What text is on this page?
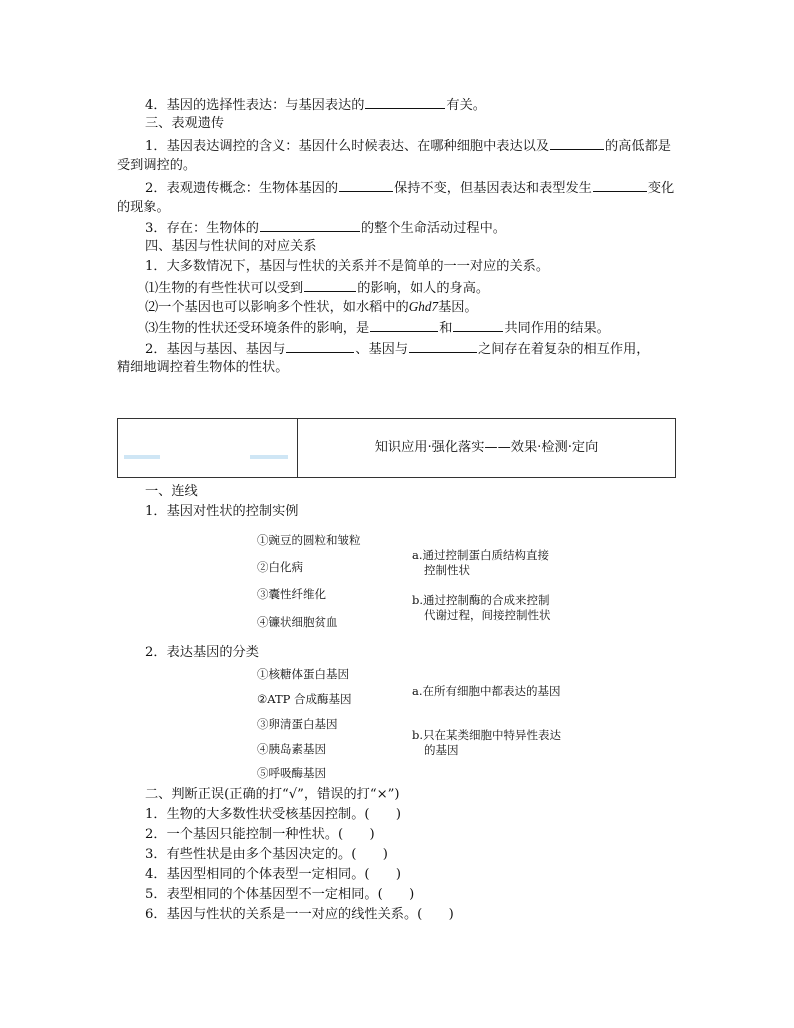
4．基因的选择性表达：与基因表达的	有关。
三、表观遗传
1．基因表达调控的含义：基因什么时候表达、在哪种细胞中表达以及	的高低都是
受到调控的。
2．表观遗传概念：生物体基因的	保持不变，但基因表达和表型发生	变化
的现象。
3．存在：生物体的	的整个生命活动过程中。
四、基因与性状间的对应关系
1．大多数情况下，基因与性状的关系并不是简单的一一对应的关系。
⑴生物的有些性状可以受到	的影响，如人的身高。
⑵一个基因也可以影响多个性状，如水稻中的Ghd7基因。
⑶生物的性状还受环境条件的影响，是	和	共同作用的结果。
2．基因与基因、基因与	、基因与	之间存在着复杂的相互作用，
精细地调控着生物体的性状。
知识应用·强化落实——效果·检测·定向
一、连线
1．基因对性状的控制实例
①豌豆的圆粒和皱粒
②白化病
③囊性纤维化
④镰状细胞贫血
a.通过控制蛋白质结构直接
控制性状
b.通过控制酶的合成来控制
代谢过程，间接控制性状
2．表达基因的分类
①核糖体蛋白基因
②ATP 合成酶基因
③卵清蛋白基因
④胰岛素基因
⑤呼吸酶基因
a.在所有细胞中都表达的基因
b.只在某类细胞中特异性表达
的基因
二、判断正误(正确的打“√”，错误的打“×”)
1．生物的大多数性状受核基因控制。(　　)
2．一个基因只能控制一种性状。(　　)
3．有些性状是由多个基因决定的。(　　)
4．基因型相同的个体表型一定相同。(　　)
5．表型相同的个体基因型不一定相同。(　　)
6．基因与性状的关系是一一对应的线性关系。(　　)
